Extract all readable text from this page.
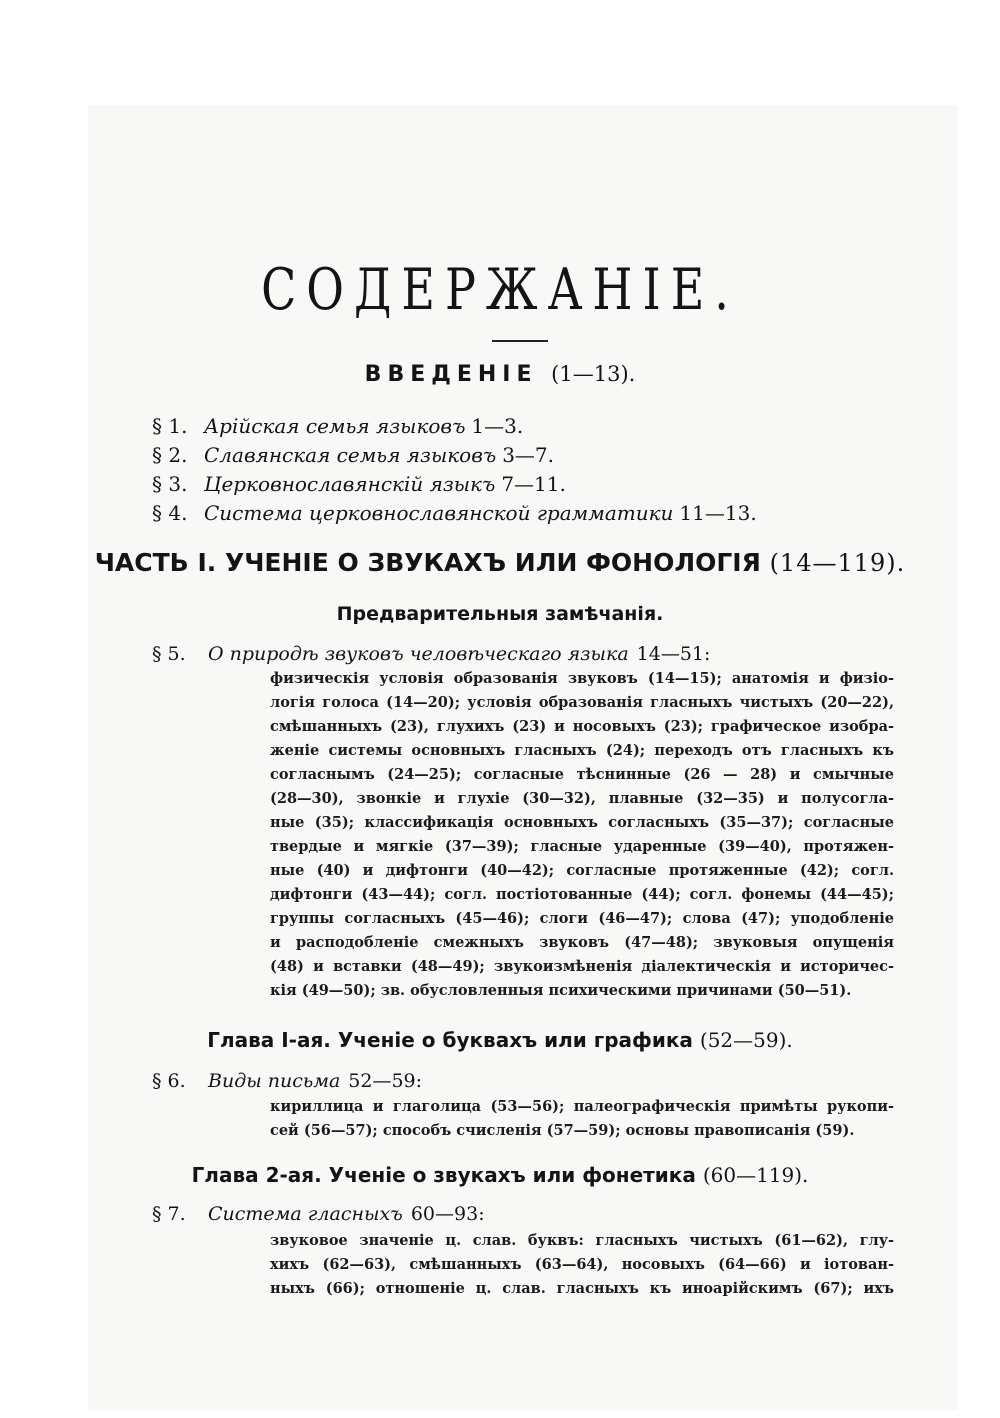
СОДЕРЖАНІЕ.
ВВЕДЕНІЕ (1—13).
§ 1. Арійская семья языковъ 1—3.
§ 2. Славянская семья языковъ 3—7.
§ 3. Церковнославянскій языкъ 7—11.
§ 4. Система церковнославянской грамматики 11—13.
ЧАСТЬ I. УЧЕНІЕ О ЗВУКАХЪ ИЛИ ФОНОЛОГІЯ (14—119).
Предварительныя замѣчанія.
§ 5. О природѣ звуковъ человѣческаго языка 14—51:
физическія условія образованія звуковъ (14—15); анатомія и физіо-
логія голоса (14—20); условія образованія гласныхъ чистыхъ (20—22),
смѣшанныхъ (23), глухихъ (23) и носовыхъ (23); графическое изобра-
женіе системы основныхъ гласныхъ (24); переходъ отъ гласныхъ къ
согласнымъ (24—25); согласные тѣснинные (26 — 28) и смычные
(28—30), звонкіе и глухіе (30—32), плавные (32—35) и полусогла-
ные (35); классификація основныхъ согласныхъ (35—37); согласные
твердые и мягкіе (37—39); гласные ударенные (39—40), протяжен-
ные (40) и дифтонги (40—42); согласные протяженные (42); согл.
дифтонги (43—44); согл. постіотованные (44); согл. фонемы (44—45);
группы согласныхъ (45—46); слоги (46—47); слова (47); уподобленіе
и расподобленіе смежныхъ звуковъ (47—48); звуковыя опущенія
(48) и вставки (48—49); звукоизмѣненія діалектическія и историчес-
кія (49—50); зв. обусловленныя психическими причинами (50—51).
Глава I-ая. Ученіе о буквахъ или графика (52—59).
§ 6. Виды письма 52—59:
кириллица и глаголица (53—56); палеографическія примѣты рукопи-
сей (56—57); способъ счисленія (57—59); основы правописанія (59).
Глава 2-ая. Ученіе о звукахъ или фонетика (60—119).
§ 7. Система гласныхъ 60—93:
звуковое значеніе ц. слав. буквъ: гласныхъ чистыхъ (61—62), глу-
хихъ (62—63), смѣшанныхъ (63—64), носовыхъ (64—66) и іотован-
ныхъ (66); отношеніе ц. слав. гласныхъ къ иноарійскимъ (67); ихъ
